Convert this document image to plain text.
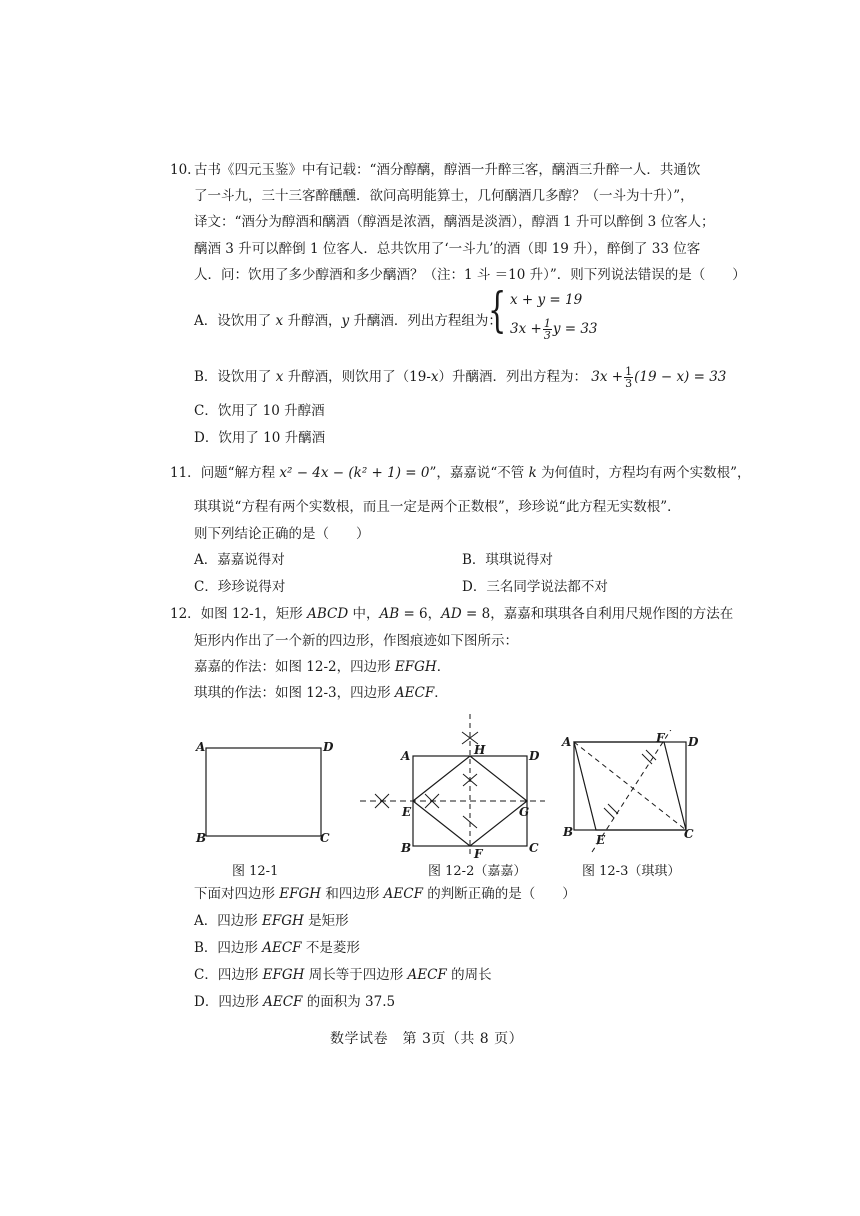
10. 古书《四元玉鉴》中有记载：“酒分醇醨，醇酒一升醉三客，醨酒三升醉一人．共通饮
了一斗九，三十三客醉醺醺．欲问高明能算士，几何醨酒几多醇？（一斗为十升）”，
译文：“酒分为醇酒和醨酒（醇酒是浓酒，醨酒是淡酒），醇酒 1 升可以醉倒 3 位客人；
醨酒 3 升可以醉倒 1 位客人．总共饮用了‘一斗九’的酒（即 19 升），醉倒了 33 位客
人．问：饮用了多少醇酒和多少醨酒？（注：1 斗 ＝10 升）”．则下列说法错误的是（　　）
A．设饮用了 x 升醇酒，y 升醨酒．列出方程组为：
{ x + y = 19
$3x + \frac{1}{3}$ y = 33
B．设饮用了 x 升醇酒，则饮用了（19-x）升醨酒．列出方程为： $3x + \frac{1}{3} (19 - x) = 33$
C．饮用了 10 升醇酒
D．饮用了 10 升醨酒
11．问题“解方程 x² − 4x − (k² + 1) = 0”，嘉嘉说“不管 k 为何值时，方程均有两个实数根”，
琪琪说“方程有两个实数根，而且一定是两个正数根”，珍珍说“此方程无实数根”．
则下列结论正确的是（　　）
A．嘉嘉说得对	B．琪琪说得对
C．珍珍说得对	D．三名同学说法都不对
12．如图 12-1，矩形 ABCD 中，AB = 6，AD = 8，嘉嘉和琪琪各自利用尺规作图的方法在
矩形内作出了一个新的四边形，作图痕迹如下图所示：
嘉嘉的作法：如图 12-2，四边形 EFGH．
琪琪的作法：如图 12-3，四边形 AECF．
A	D
B	C
图 12-1
A	D
B	C
E	G
H
F
图 12-2（嘉嘉）
A	F D
B
E	C
图 12-3（琪琪）
下面对四边形 EFGH 和四边形 AECF 的判断正确的是（　　）
A．四边形 EFGH 是矩形
B．四边形 AECF 不是菱形
C．四边形 EFGH 周长等于四边形 AECF 的周长
D．四边形 AECF 的面积为 37.5
数学试卷　第 3页（共 8 页）
